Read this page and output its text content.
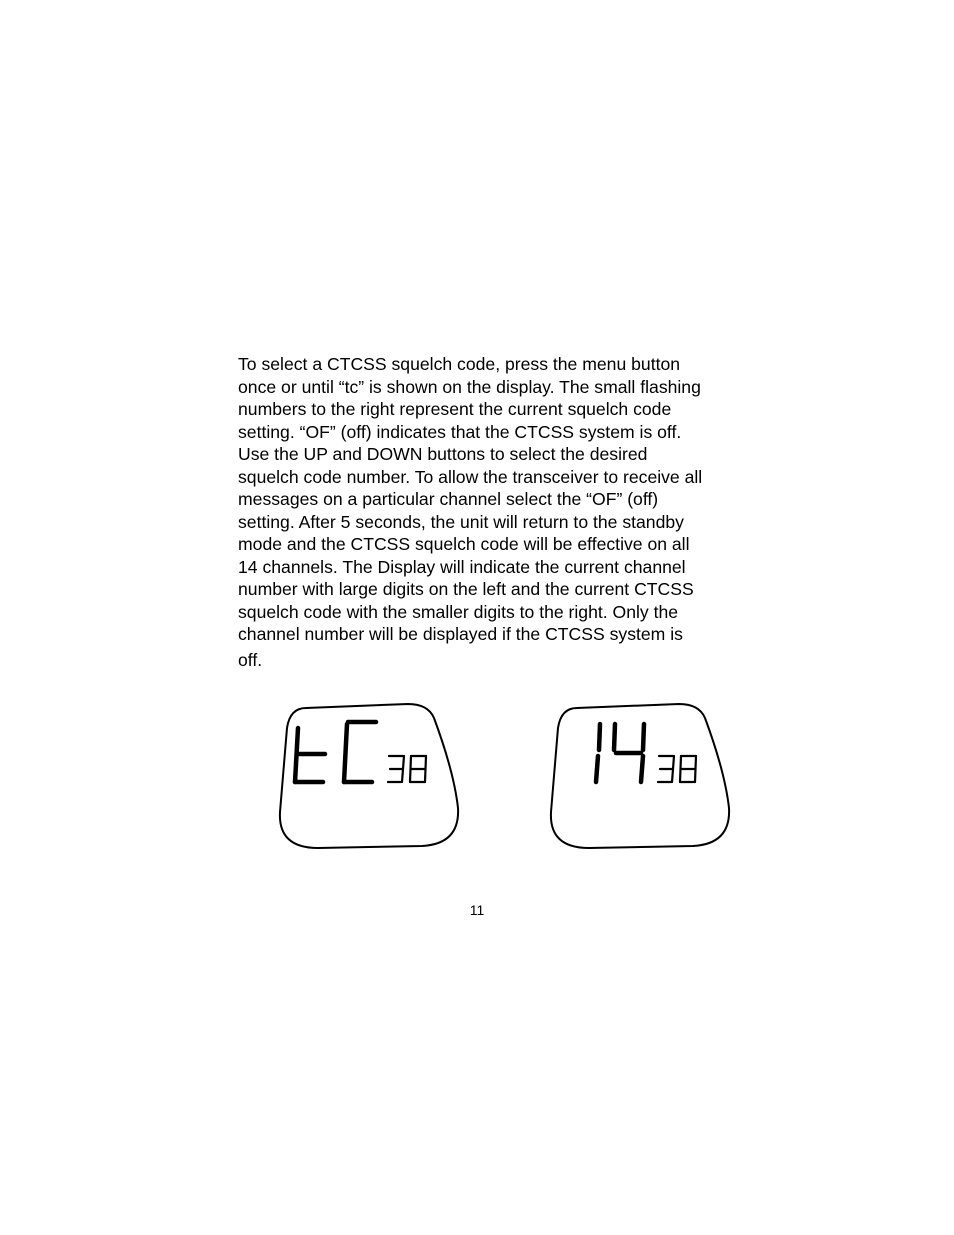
To select a CTCSS squelch code, press the menu button
once or until “tc” is shown on the display. The small flashing
numbers to the right represent the current squelch code
setting. “OF” (off) indicates that the CTCSS system is off.
Use the UP and DOWN buttons to select the desired
squelch code number. To allow the transceiver to receive all
messages on a particular channel select the “OF” (off)
setting. After 5 seconds, the unit will return to the standby
mode and the CTCSS squelch code will be effective on all
14 channels. The Display will indicate the current channel
number with large digits on the left and the current CTCSS
squelch code with the smaller digits to the right. Only the
channel number will be displayed if the CTCSS system is
off.

11
